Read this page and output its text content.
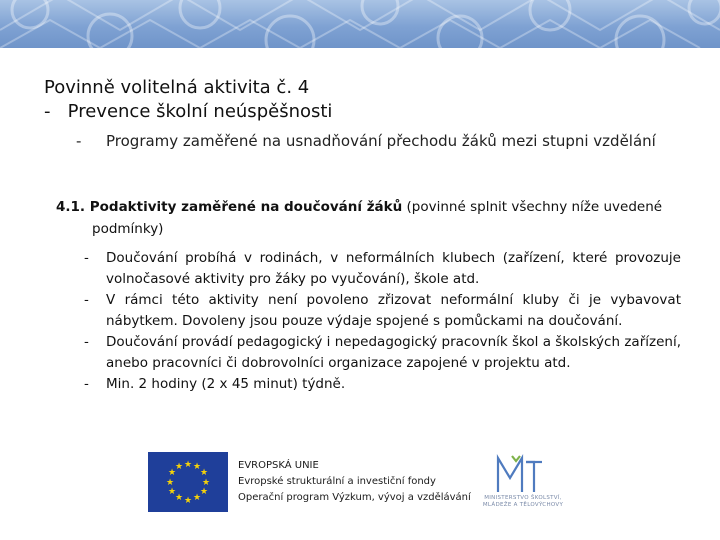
Povinně volitelná aktivita č. 4
- Prevence školní neúspěšnosti
- Programy zaměřené na usnadňování přechodu žáků mezi stupni vzdělání
4.1. Podaktivity zaměřené na doučování žáků (povinné splnit všechny níže uvedené
podmínky)
- Doučování probíhá v rodinách, v neformálních klubech (zařízení, které provozuje volnočasové aktivity pro žáky po vyučování), škole atd.
- V rámci této aktivity není povoleno zřizovat neformální kluby či je vybavovat nábytkem. Dovoleny jsou pouze výdaje spojené s pomůckami na doučování.
- Doučování provádí pedagogický i nepedagogický pracovník škol a školských zařízení, anebo pracovníci či dobrovolníci organizace zapojené v projektu atd.
- Min. 2 hodiny (2 x 45 minut) týdně.
★ ★
★
★
★
★
★
★
★
★
★
★	EVROPSKÁ UNIE
Evropské strukturální a investiční fondy
Operační program Výzkum, vývoj a vzdělávání	MINISTERSTVO ŠKOLSTVÍ,
MLÁDEŽE A TĚLOVÝCHOVY
